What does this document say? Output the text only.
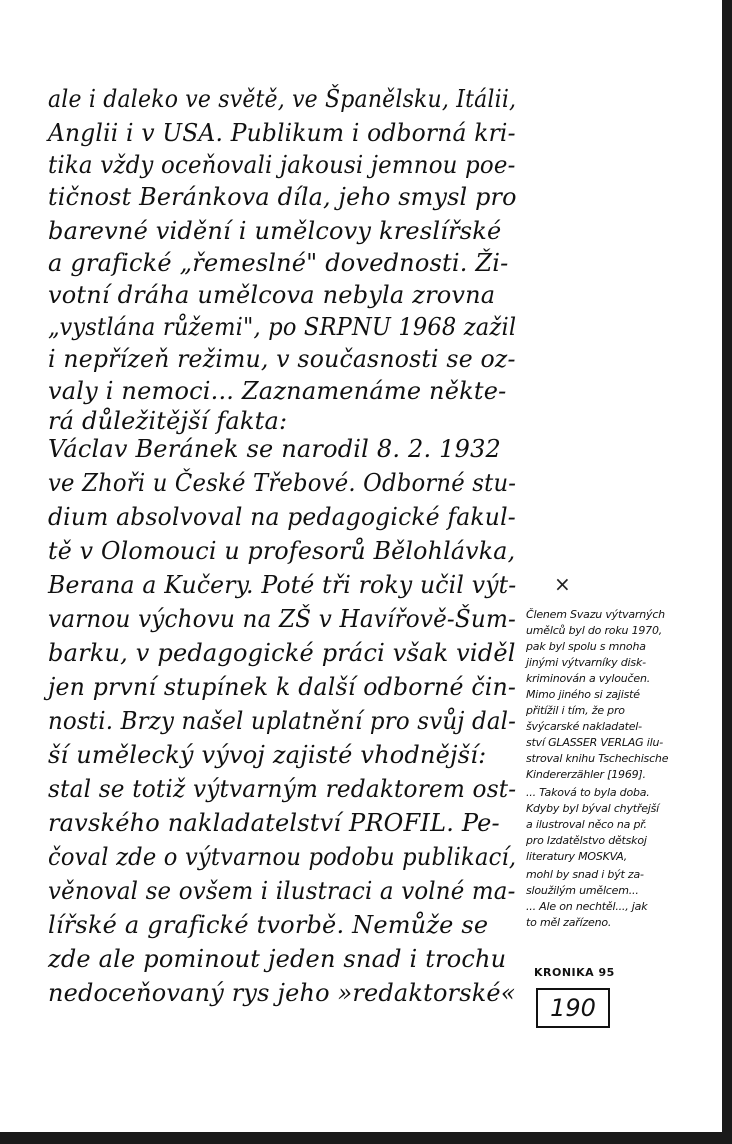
ale i daleko ve světě, ve Španělsku, Itálii,

Anglii i v USA. Publikum i odborná kri-

tika vždy oceňovali jakousi jemnou poe-

tičnost Beránkova díla, jeho smysl pro

barevné vidění i umělcovy kreslířské

a grafické „řemeslné" dovednosti. Ži-

votní dráha umělcova nebyla zrovna

„vystlána růžemi", po SRPNU 1968 zažil

i nepřízeň režimu, v současnosti se oz-

valy i nemoci... Zaznamenáme někte-

rá důležitější fakta:

Václav Beránek se narodil 8. 2. 1932

ve Zhoři u České Třebové. Odborné stu-

dium absolvoval na pedagogické fakul-

tě v Olomouci u profesorů Bělohlávka,

Berana a Kučery. Poté tři roky učil výt-

varnou výchovu na ZŠ v Havířově-Šum-

barku, v pedagogické práci však viděl

jen první stupínek k další odborné čin-

nosti. Brzy našel uplatnění pro svůj dal-

ší umělecký vývoj zajisté vhodnější:

stal se totiž výtvarným redaktorem ost-

ravského nakladatelství PROFIL. Pe-

čoval zde o výtvarnou podobu publikací,

věnoval se ovšem i ilustraci a volné ma-

lířské a grafické tvorbě. Nemůže se

zde ale pominout jeden snad i trochu

nedoceňovaný rys jeho »redaktorské«

×

Členem Svazu výtvarných

umělců byl do roku 1970,

pak byl spolu s mnoha

jinými výtvarníky disk-

kriminován a vyloučen.

Mimo jiného si zajisté

přitížil i tím, že pro

švýcarské nakladatel-

ství GLASSER VERLAG ilu-

stroval knihu Tschechische

Kindererzähler [1969].

... Taková to byla doba.

Kdyby byl býval chytřejší

a ilustroval něco na př.

pro Izdatělstvo dětskoj

literatury MOSKVA,

mohl by snad i být za-

sloužilým umělcem...

... Ale on nechtěl..., jak

to měl zařízeno.

KRONIKA 95
190
